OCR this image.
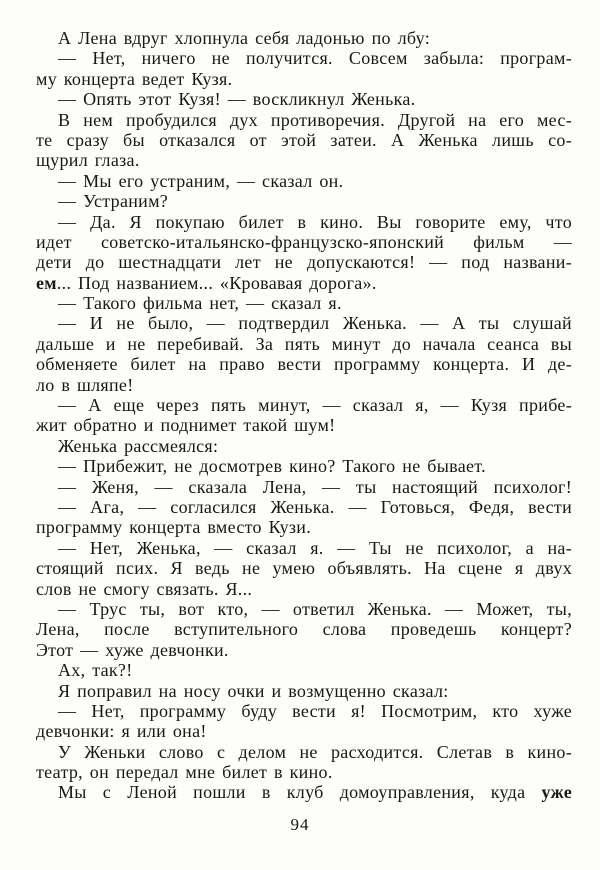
А Лена вдруг хлопнула себя ладонью по лбу:
— Нет, ничего не получится. Совсем забыла: програм-
му концерта ведет Кузя.
— Опять этот Кузя! — воскликнул Женька.
В нем пробудился дух противоречия. Другой на его мес-
те сразу бы отказался от этой затеи. А Женька лишь со-
щурил глаза.
— Мы его устраним, — сказал он.
— Устраним?
— Да. Я покупаю билет в кино. Вы говорите ему, что
идет советско-итальянско-французско-японский фильм —
дети до шестнадцати лет не допускаются! — под названи-
ем... Под названием... «Кровавая дорога».
— Такого фильма нет, — сказал я.
— И не было, — подтвердил Женька. — А ты слушай
дальше и не перебивай. За пять минут до начала сеанса вы
обменяете билет на право вести программу концерта. И де-
ло в шляпе!
— А еще через пять минут, — сказал я, — Кузя прибе-
жит обратно и поднимет такой шум!
Женька рассмеялся:
— Прибежит, не досмотрев кино? Такого не бывает.
— Женя, — сказала Лена, — ты настоящий психолог!
— Ага, — согласился Женька. — Готовься, Федя, вести
программу концерта вместо Кузи.
— Нет, Женька, — сказал я. — Ты не психолог, а на-
стоящий псих. Я ведь не умею объявлять. На сцене я двух
слов не смогу связать. Я...
— Трус ты, вот кто, — ответил Женька. — Может, ты,
Лена, после вступительного слова проведешь концерт?
Этот — хуже девчонки.
Ах, так?!
Я поправил на носу очки и возмущенно сказал:
— Нет, программу буду вести я! Посмотрим, кто хуже
девчонки: я или она!
У Женьки слово с делом не расходится. Слетав в кино-
театр, он передал мне билет в кино.
Мы с Леной пошли в клуб домоуправления, куда уже
94
